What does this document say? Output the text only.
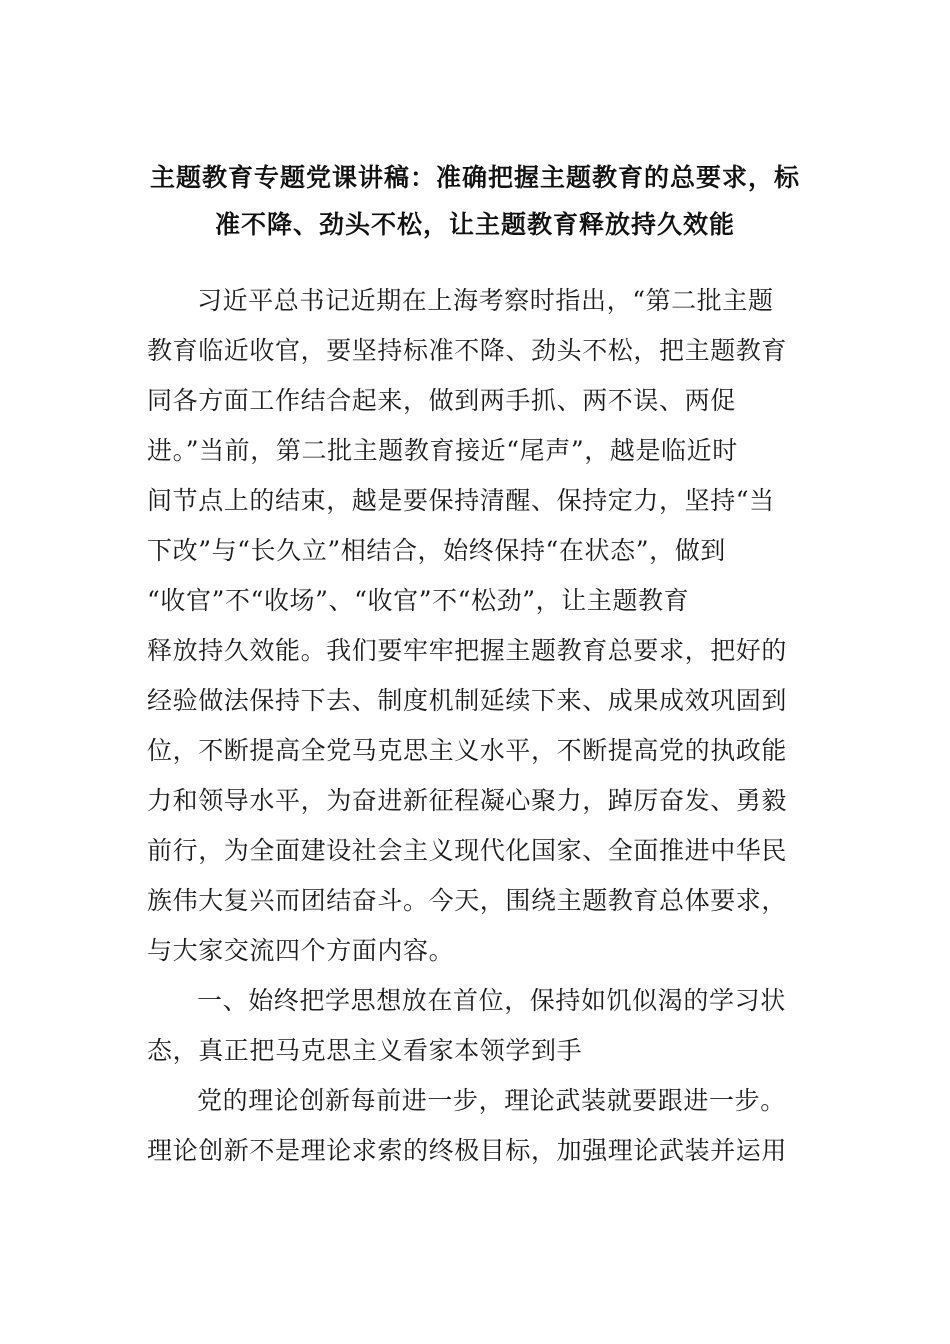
主题教育专题党课讲稿：准确把握主题教育的总要求，标
准不降、劲头不松，让主题教育释放持久效能
习近平总书记近期在上海考察时指出，“第二批主题
教育临近收官，要坚持标准不降、劲头不松，把主题教育
同各方面工作结合起来，做到两手抓、两不误、两促
进。”当前，第二批主题教育接近“尾声”，越是临近时
间节点上的结束，越是要保持清醒、保持定力，坚持“当
下改”与“长久立”相结合，始终保持“在状态”，做到
“收官”不“收场”、“收官”不“松劲”，让主题教育
释放持久效能。我们要牢牢把握主题教育总要求，把好的
经验做法保持下去、制度机制延续下来、成果成效巩固到
位，不断提高全党马克思主义水平，不断提高党的执政能
力和领导水平，为奋进新征程凝心聚力，踔厉奋发、勇毅
前行，为全面建设社会主义现代化国家、全面推进中华民
族伟大复兴而团结奋斗。今天，围绕主题教育总体要求，
与大家交流四个方面内容。
一、始终把学思想放在首位，保持如饥似渴的学习状
态，真正把马克思主义看家本领学到手
党的理论创新每前进一步，理论武装就要跟进一步。
理论创新不是理论求索的终极目标，加强理论武装并运用
